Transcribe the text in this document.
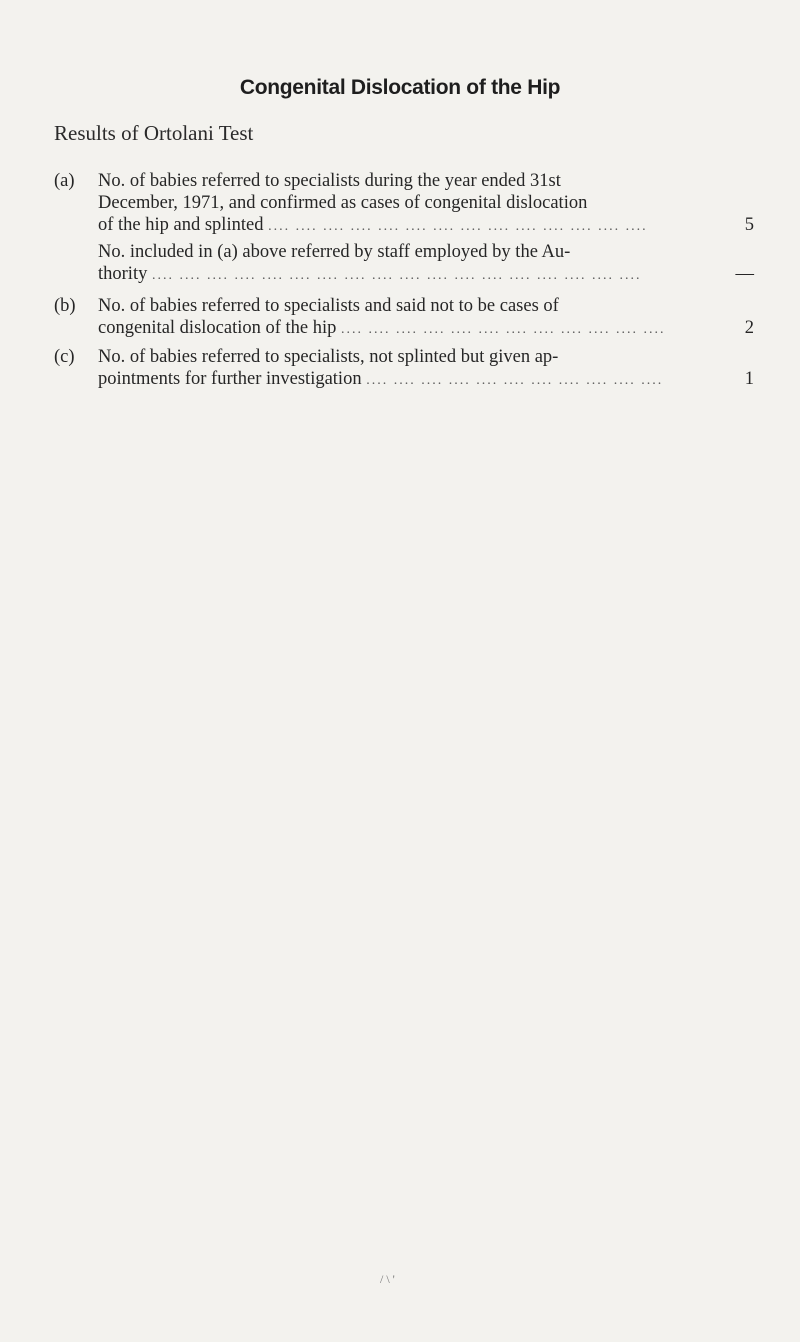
Congenital Dislocation of the Hip
Results of Ortolani Test
(a)	No. of babies referred to specialists during the year ended 31st
December, 1971, and confirmed as cases of congenital dislocation
of the hip and splinted .... .... .... .... .... .... .... .... .... .... .... .... .... ....	5
No. included in (a) above referred by staff employed by the Au-
thority .... .... .... .... .... .... .... .... .... .... .... .... .... .... .... .... .... ....	—
(b)	No. of babies referred to specialists and said not to be cases of
congenital dislocation of the hip .... .... .... .... .... .... .... .... .... .... .... ....	2
(c)	No. of babies referred to specialists, not splinted but given ap-
pointments for further investigation .... .... .... .... .... .... .... .... .... .... ....	1
/ \ '
